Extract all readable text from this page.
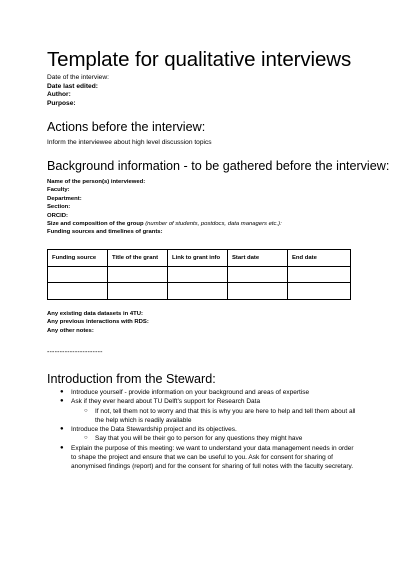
Template for qualitative interviews
Date of the interview:
Date last edited:
Author:
Purpose:
Actions before the interview:
Inform the interviewee about high level discussion topics
Background information - to be gathered before the interview:
Name of the person(s) interviewed:
Faculty:
Department:
Section:
ORCID:
Size and composition of the group (number of students, postdocs, data managers etc.):
Funding sources and timelines of grants:
Funding source	Title of the grant	Link to grant info	Start date	End date

Any existing data datasets in 4TU:
Any previous interactions with RDS:
Any other notes:
----------------------
Introduction from the Steward:
● Introduce yourself - provide information on your background and areas of expertise
● Ask if they ever heard about TU Delft’s support for Research Data
○ If not, tell them not to worry and that this is why you are here to help and tell them about all the help which is readily available
● Introduce the Data Stewardship project and its objectives.
○ Say that you will be their go to person for any questions they might have
● Explain the purpose of this meeting: we want to understand your data management needs in order to shape the project and ensure that we can be useful to you. Ask for consent for sharing of anonymised findings (report) and for the consent for sharing of full notes with the faculty secretary.
